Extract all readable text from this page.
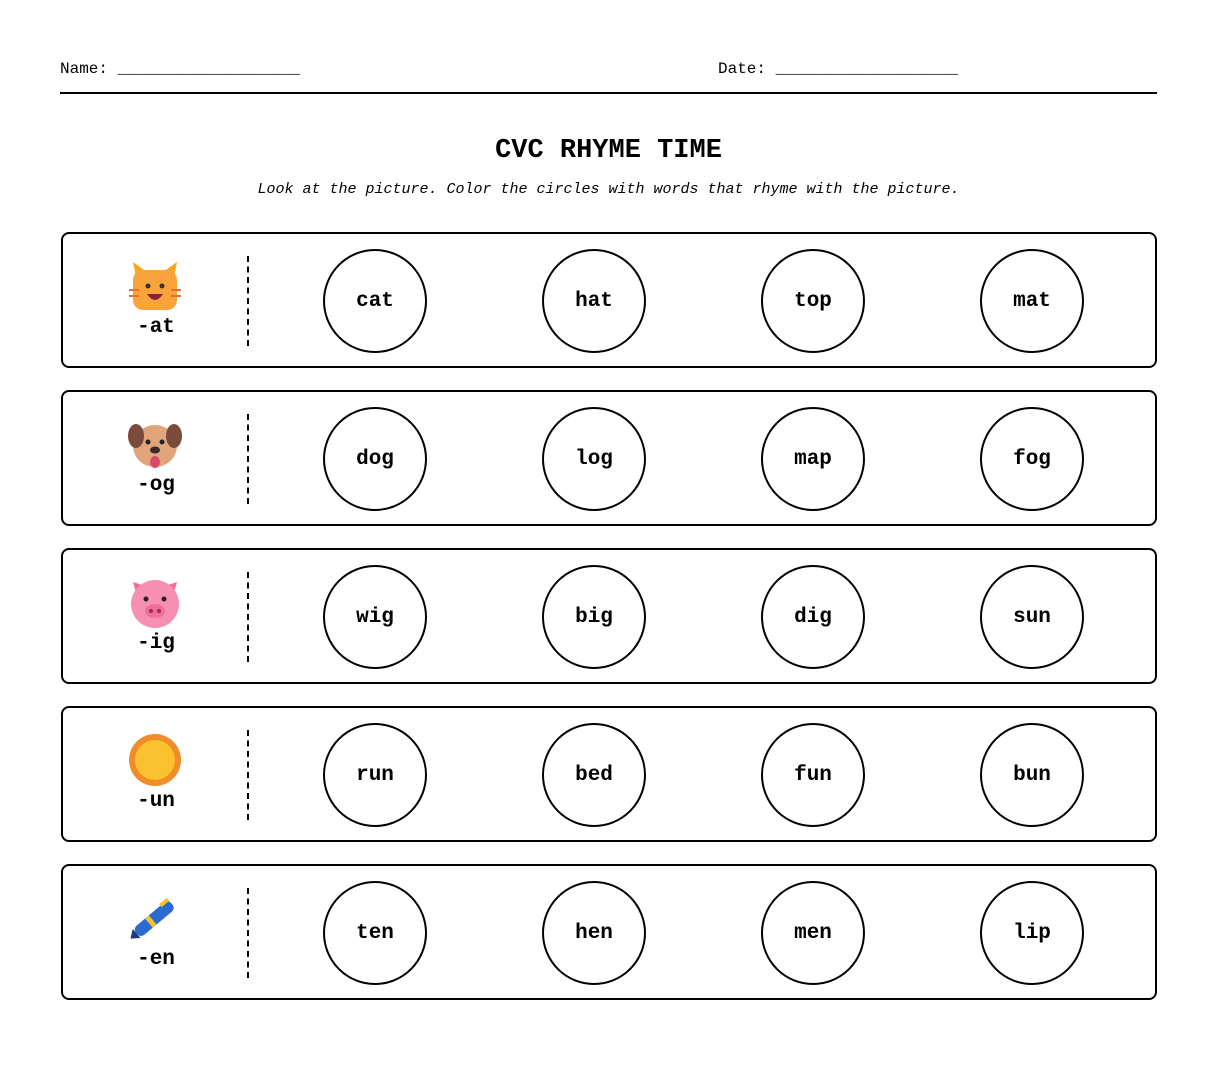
Name: ___________________	Date: ___________________
CVC RHYME TIME
Look at the picture. Color the circles with words that rhyme with the picture.
-at
cat	hat	top	mat
-og
dog	log	map	fog
-ig
wig	big	dig	sun
-un
run	bed	fun	bun
-en
ten	hen	men	lip
